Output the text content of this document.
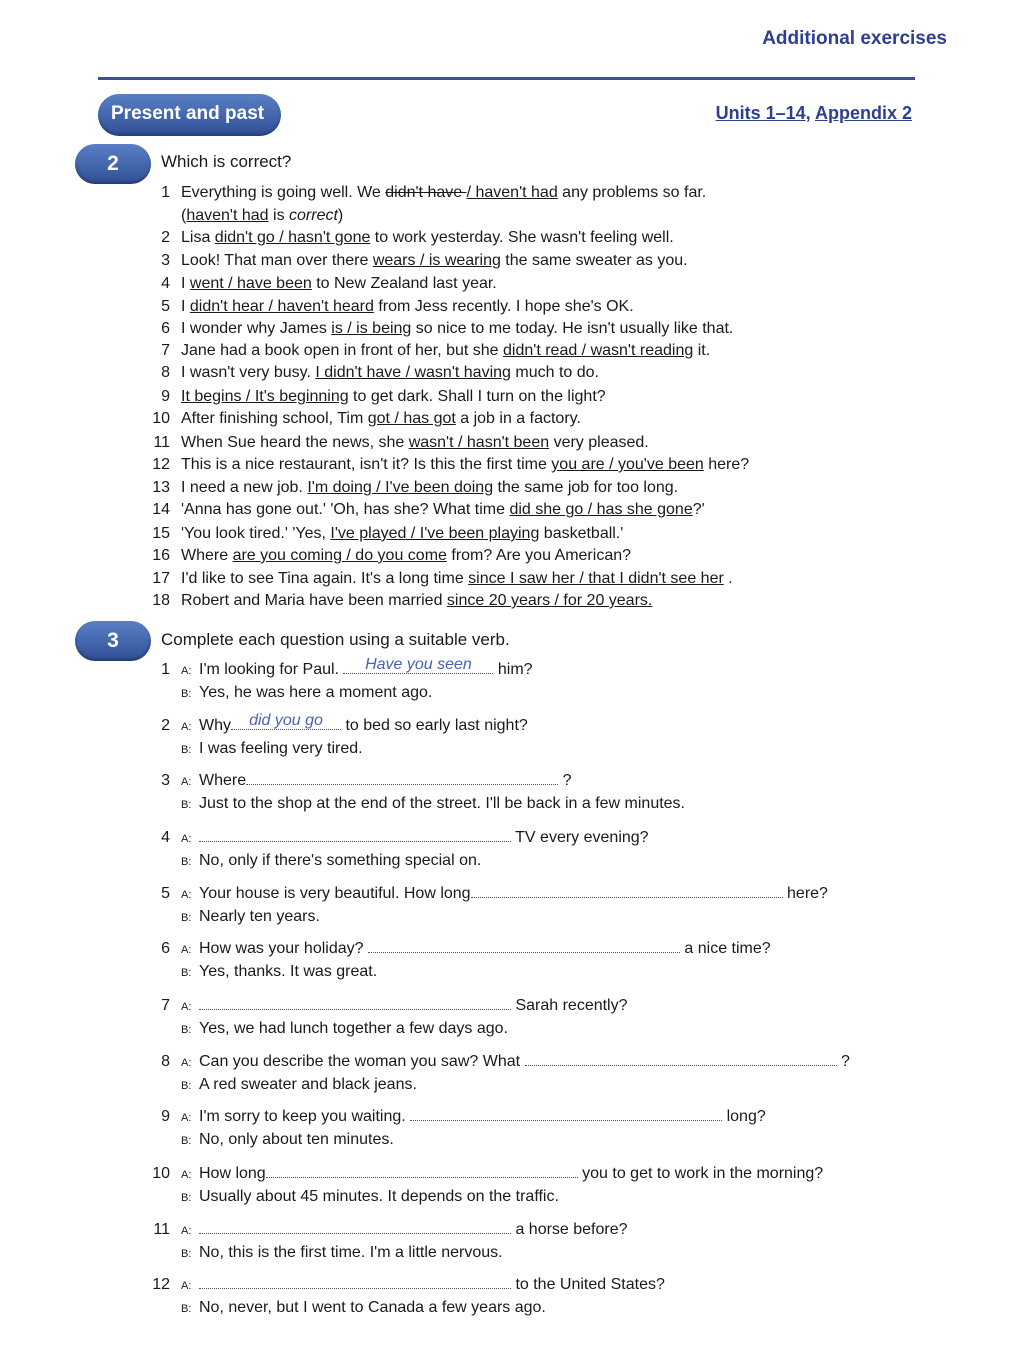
Additional exercises
Present and past	Units 1–14, Appendix 2
2	Which is correct?
1 Everything is going well. We didn't have / haven't had any problems so far.
(haven't had is correct)
2 Lisa didn't go / hasn't gone to work yesterday. She wasn't feeling well.
3 Look! That man over there wears / is wearing the same sweater as you.
4 I went / have been to New Zealand last year.
5 I didn't hear / haven't heard from Jess recently. I hope she's OK.
6 I wonder why James is / is being so nice to me today. He isn't usually like that.
7 Jane had a book open in front of her, but she didn't read / wasn't reading it.
8 I wasn't very busy. I didn't have / wasn't having much to do.
9 It begins / It's beginning to get dark. Shall I turn on the light?
10 After finishing school, Tim got / has got a job in a factory.
11 When Sue heard the news, she wasn't / hasn't been very pleased.
12 This is a nice restaurant, isn't it? Is this the first time you are / you've been here?
13 I need a new job. I'm doing / I've been doing the same job for too long.
14 'Anna has gone out.' 'Oh, has she? What time did she go / has she gone?'
15 'You look tired.' 'Yes, I've played / I've been playing basketball.'
16 Where are you coming / do you come from? Are you American?
17 I'd like to see Tina again. It's a long time since I saw her / that I didn't see her .
18 Robert and Maria have been married since 20 years / for 20 years.
3	Complete each question using a suitable verb.
1 A: I'm looking for Paul.	Have you seen	him?
B: Yes, he was here a moment ago.
2 A: Why	did you go	to bed so early last night?
B: I was feeling very tired.
3 A: Where	?
B: Just to the shop at the end of the street. I'll be back in a few minutes.
4 A:	TV every evening?
B: No, only if there's something special on.
5 A: Your house is very beautiful. How long	here?
B: Nearly ten years.
6 A: How was your holiday?	a nice time?
B: Yes, thanks. It was great.
7 A:	Sarah recently?
B: Yes, we had lunch together a few days ago.
8 A: Can you describe the woman you saw? What	?
B: A red sweater and black jeans.
9 A: I'm sorry to keep you waiting.	long?
B: No, only about ten minutes.
10 A: How long	you to get to work in the morning?
B: Usually about 45 minutes. It depends on the traffic.
11 A:	a horse before?
B: No, this is the first time. I'm a little nervous.
12 A:	to the United States?
B: No, never, but I went to Canada a few years ago.
